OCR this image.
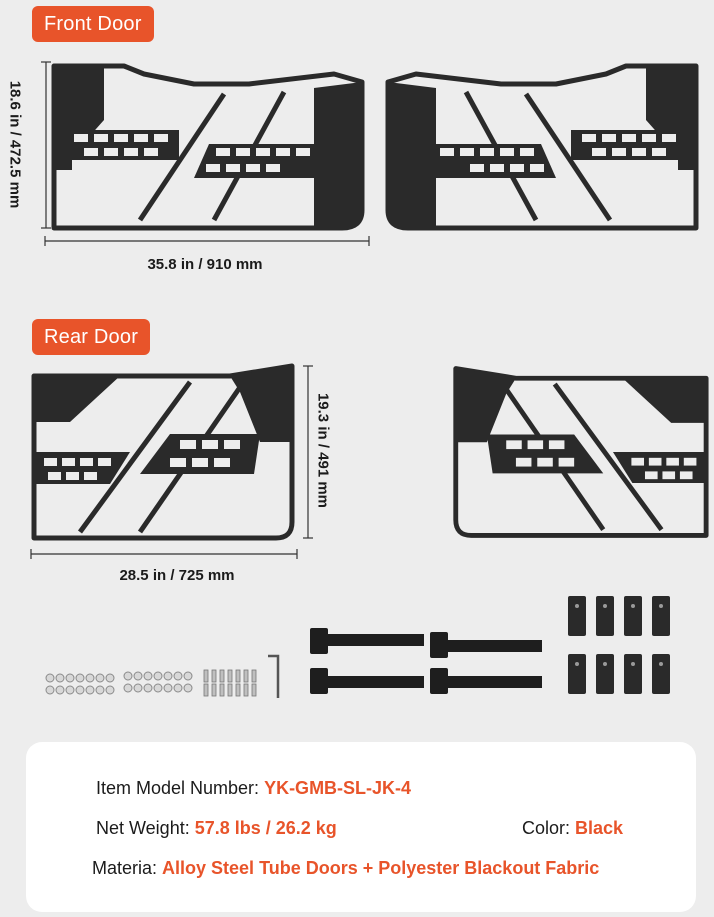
Front Door
18.6 in / 472.5 mm
35.8 in / 910 mm
Rear Door
19.3 in / 491 mm
28.5 in / 725 mm
Item Model Number: YK-GMB-SL-JK-4
Net Weight: 57.8 lbs / 26.2 kg	Color: Black
Materia: Alloy Steel Tube Doors + Polyester Blackout Fabric
